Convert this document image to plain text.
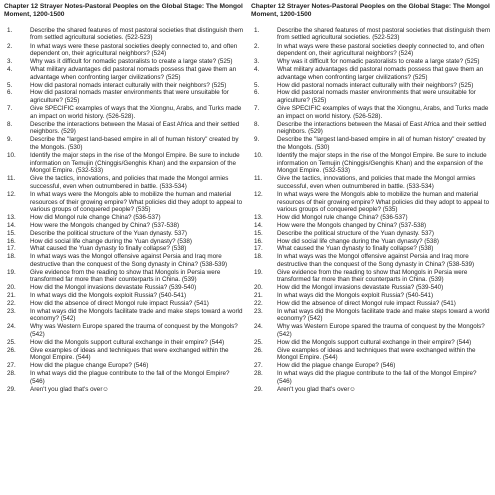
Chapter 12 Strayer Notes-Pastoral Peoples on the Global Stage: The Mongol Moment, 1200-1500
1.	Describe the shared features of most pastoral societies that distinguish them from settled agricultural societies. (522-523)
2.	In what ways were these pastoral societies deeply connected to, and often dependent on, their agricultural neighbors? (524)
3.	Why was it difficult for nomadic pastoralists to create a large state? (525)
4.	What military advantages did pastoral nomads possess that gave them an advantage when confronting larger civilizations? (525)
5.	How did pastoral nomads interact culturally with their neighbors? (525)
6.	How did pastoral nomads master environments that were unsuitable for agriculture? (525)
7.	Give SPECIFIC examples of ways that the Xiongnu, Arabs, and Turks made an impact on world history. (526-528).
8.	Describe the interactions between the Masai of East Africa and their settled neighbors. (529)
9.	Describe the "largest land-based empire in all of human history" created by the Mongols. (530)
10.	Identify the major steps in the rise of the Mongol Empire. Be sure to include information on Temujin (Chinggis/Genghis Khan) and the expansion of the Mongol Empire. (532-533)
11.	Give the tactics, innovations, and policies that made the Mongol armies successful, even when outnumbered in battle. (533-534)
12.	In what ways were the Mongols able to mobilize the human and material resources of their growing empire? What policies did they adopt to appeal to various groups of conquered people? (535)
13.	How did Mongol rule change China? (536-537)
14.	How were the Mongols changed by China? (537-538)
15.	Describe the political structure of the Yuan dynasty. 537)
16.	How did social life change during the Yuan dynasty? (538)
17.	What caused the Yuan dynasty to finally collapse? (538)
18.	In what ways was the Mongol offensive against Persia and Iraq more destructive than the conquest of the Song dynasty in China? (538-539)
19.	Give evidence from the reading to show that Mongols in Persia were transformed far more than their counterparts in China. (539)
20.	How did the Mongol invasions devastate Russia? (539-540)
21.	In what ways did the Mongols exploit Russia? (540-541)
22.	How did the absence of direct Mongol rule impact Russia? (541)
23.	In what ways did the Mongols facilitate trade and make steps toward a world economy? (542)
24.	Why was Western Europe spared the trauma of conquest by the Mongols? (542)
25.	How did the Mongols support cultural exchange in their empire? (544)
26.	Give examples of ideas and techniques that were exchanged within the Mongol Empire. (544)
27.	How did the plague change Europe? (546)
28.	In what ways did the plague contribute to the fall of the Mongol Empire? (546)
29.	Aren't you glad that's over☺
Chapter 12 Strayer Notes-Pastoral Peoples on the Global Stage: The Mongol Moment, 1200-1500
1.	Describe the shared features of most pastoral societies that distinguish them from settled agricultural societies. (522-523)
2.	In what ways were these pastoral societies deeply connected to, and often dependent on, their agricultural neighbors? (524)
3.	Why was it difficult for nomadic pastoralists to create a large state? (525)
4.	What military advantages did pastoral nomads possess that gave them an advantage when confronting larger civilizations? (525)
5.	How did pastoral nomads interact culturally with their neighbors? (525)
6.	How did pastoral nomads master environments that were unsuitable for agriculture? (525)
7.	Give SPECIFIC examples of ways that the Xiongnu, Arabs, and Turks made an impact on world history. (526-528).
8.	Describe the interactions between the Masai of East Africa and their settled neighbors. (529)
9.	Describe the "largest land-based empire in all of human history" created by the Mongols. (530)
10.	Identify the major steps in the rise of the Mongol Empire. Be sure to include information on Temujin (Chinggis/Genghis Khan) and the expansion of the Mongol Empire. (532-533)
11.	Give the tactics, innovations, and policies that made the Mongol armies successful, even when outnumbered in battle. (533-534)
12.	In what ways were the Mongols able to mobilize the human and material resources of their growing empire? What policies did they adopt to appeal to various groups of conquered people? (535)
13.	How did Mongol rule change China? (536-537)
14.	How were the Mongols changed by China? (537-538)
15.	Describe the political structure of the Yuan dynasty. 537)
16.	How did social life change during the Yuan dynasty? (538)
17.	What caused the Yuan dynasty to finally collapse? (538)
18.	In what ways was the Mongol offensive against Persia and Iraq more destructive than the conquest of the Song dynasty in China? (538-539)
19.	Give evidence from the reading to show that Mongols in Persia were transformed far more than their counterparts in China. (539)
20.	How did the Mongol invasions devastate Russia? (539-540)
21.	In what ways did the Mongols exploit Russia? (540-541)
22.	How did the absence of direct Mongol rule impact Russia? (541)
23.	In what ways did the Mongols facilitate trade and make steps toward a world economy? (542)
24.	Why was Western Europe spared the trauma of conquest by the Mongols? (542)
25.	How did the Mongols support cultural exchange in their empire? (544)
26.	Give examples of ideas and techniques that were exchanged within the Mongol Empire. (544)
27.	How did the plague change Europe? (546)
28.	In what ways did the plague contribute to the fall of the Mongol Empire? (546)
29.	Aren't you glad that's over☺
